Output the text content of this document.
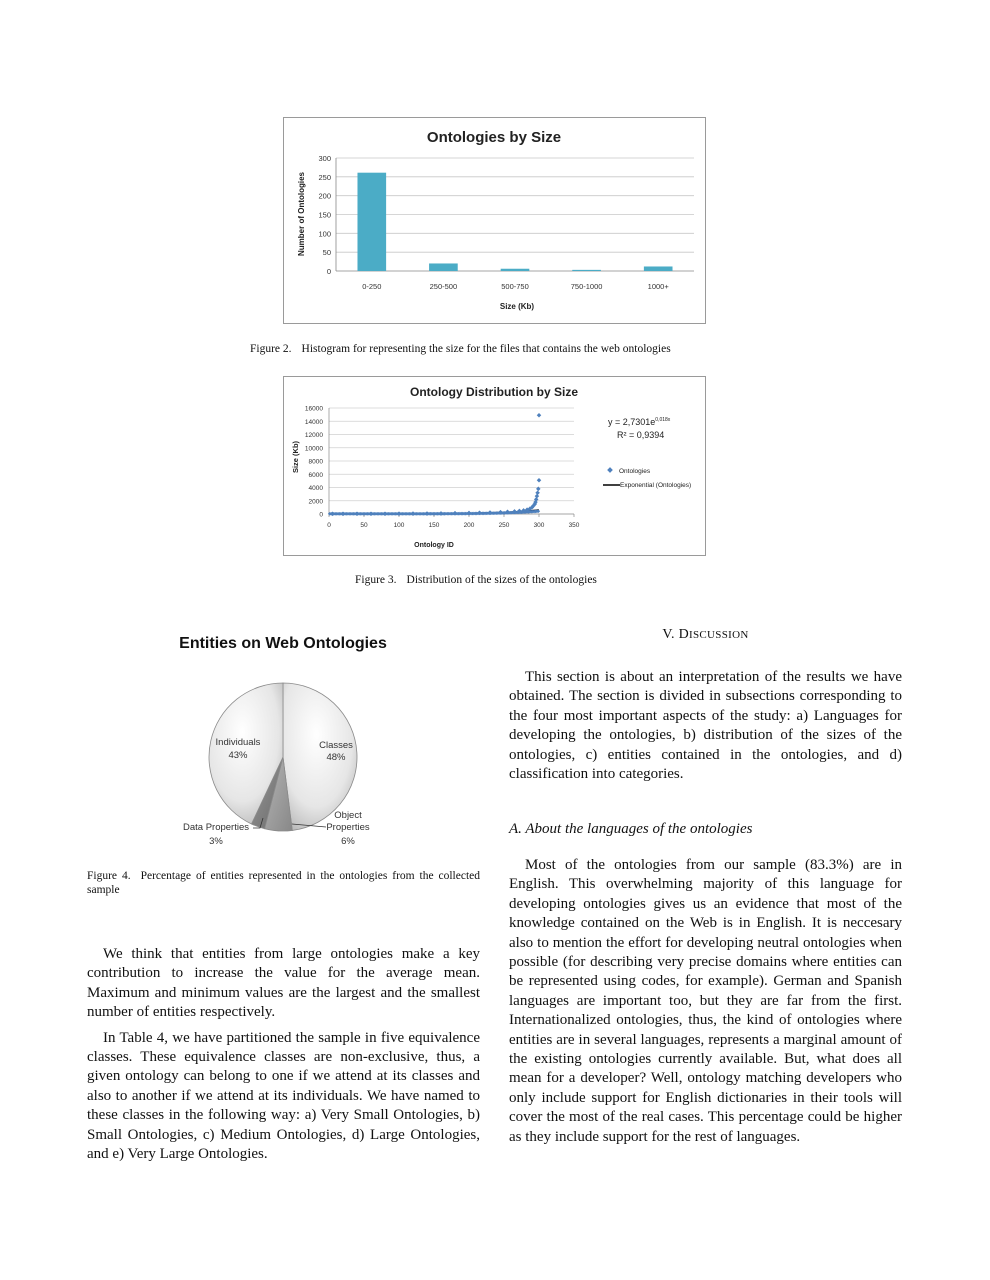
Ontologies by Size
Number of Ontologies
Size (Kb)
0
50
100
150
200
250
300
0-250	250-500	500-750	750-1000	1000+
Figure 2. Histogram for representing the size for the files that contains the web ontologies
Ontology Distribution by Size
Size (Kb)
Ontology ID
0
2000
4000
6000
8000
10000
12000
14000
16000
0	50	100	150	200	250	300	350
$y = 2,7301e^{0,018x}$
R² = 0,9394
Ontologies
Exponential (Ontologies)
Figure 3. Distribution of the sizes of the ontologies
Entities on Web Ontologies
Individuals
43%
Classes
48%
Object
Properties
6%
Data Properties
3%
Figure 4. Percentage of entities represented in the ontologies from the collected sample

We think that entities from large ontologies make a key contribution to increase the value for the average mean. Maximum and minimum values are the largest and the smallest number of entities respectively.

In Table 4, we have partitioned the sample in five equivalence classes. These equivalence classes are non-exclusive, thus, a given ontology can belong to one if we attend at its classes and also to another if we attend at its individuals. We have named to these classes in the following way: a) Very Small Ontologies, b) Small Ontologies, c) Medium Ontologies, d) Large Ontologies, and e) Very Large Ontologies.

V. DISCUSSION

This section is about an interpretation of the results we have obtained. The section is divided in subsections corresponding to the four most important aspects of the study: a) Languages for developing the ontologies, b) distribution of the sizes of the ontologies, c) entities contained in the ontologies, and d) classification into categories.

A. About the languages of the ontologies

Most of the ontologies from our sample (83.3%) are in English. This overwhelming majority of this language for developing ontologies gives us an evidence that most of the knowledge contained on the Web is in English. It is neccesary also to mention the effort for developing neutral ontologies when possible (for describing very precise domains where entities can be represented using codes, for example). German and Spanish languages are important too, but they are far from the first. Internationalized ontologies, thus, the kind of ontologies where entities are in several languages, represents a marginal amount of the existing ontologies currently available. But, what does all mean for a developer? Well, ontology matching developers who only include support for English dictionaries in their tools will cover the most of the real cases. This percentage could be higher as they include support for the rest of languages.
